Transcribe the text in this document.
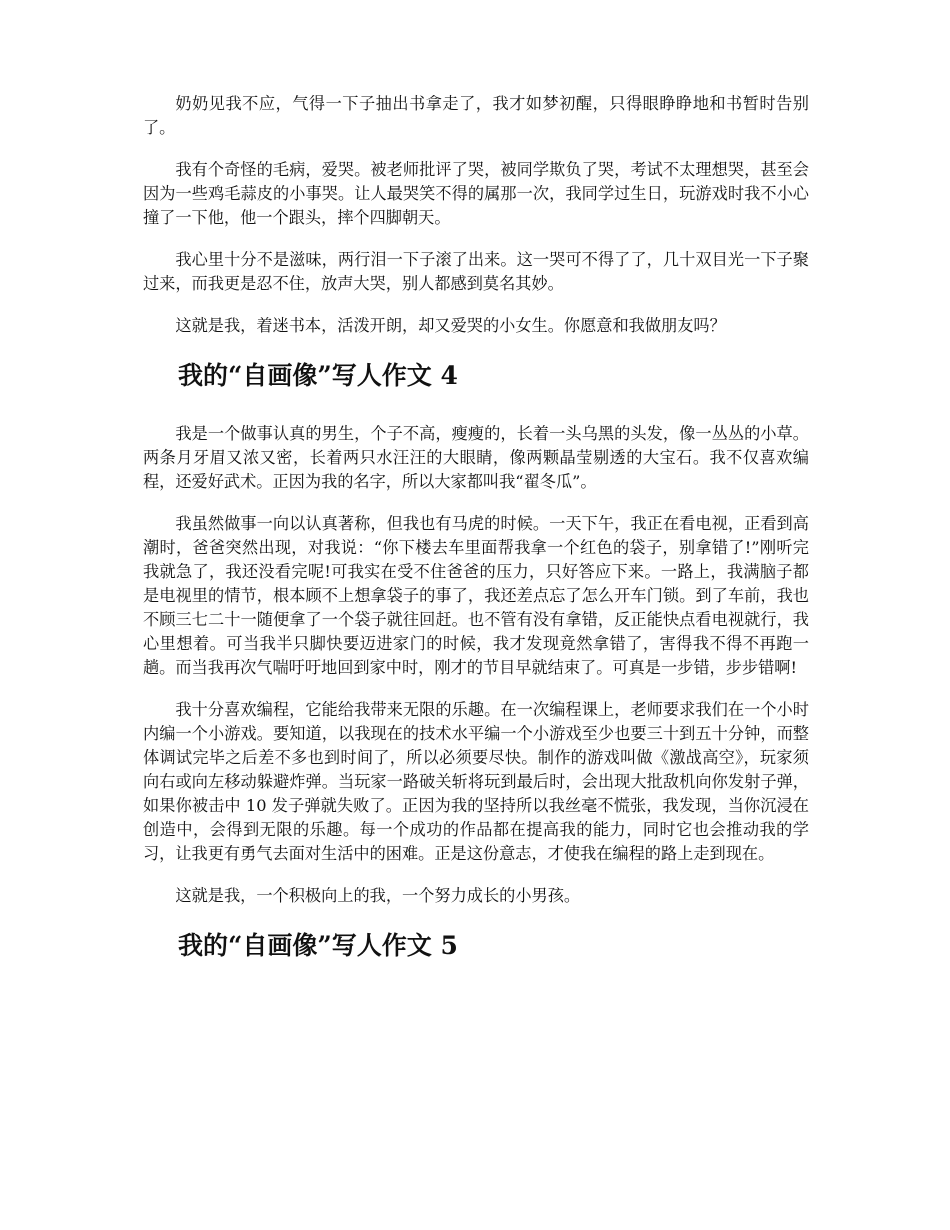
奶奶见我不应，气得一下子抽出书拿走了，我才如梦初醒，只得眼睁睁地和书暂时告别了。

我有个奇怪的毛病，爱哭。被老师批评了哭，被同学欺负了哭，考试不太理想哭，甚至会因为一些鸡毛蒜皮的小事哭。让人最哭笑不得的属那一次，我同学过生日，玩游戏时我不小心撞了一下他，他一个跟头，摔个四脚朝天。

我心里十分不是滋味，两行泪一下子滚了出来。这一哭可不得了了，几十双目光一下子聚过来，而我更是忍不住，放声大哭，别人都感到莫名其妙。

这就是我，着迷书本，活泼开朗，却又爱哭的小女生。你愿意和我做朋友吗？

我的“自画像”写人作文 4

我是一个做事认真的男生，个子不高，瘦瘦的，长着一头乌黑的头发，像一丛丛的小草。两条月牙眉又浓又密，长着两只水汪汪的大眼睛，像两颗晶莹剔透的大宝石。我不仅喜欢编程，还爱好武术。正因为我的名字，所以大家都叫我“翟冬瓜”。

我虽然做事一向以认真著称，但我也有马虎的时候。一天下午，我正在看电视，正看到高潮时，爸爸突然出现，对我说：“你下楼去车里面帮我拿一个红色的袋子，别拿错了!”刚听完我就急了，我还没看完呢!可我实在受不住爸爸的压力，只好答应下来。一路上，我满脑子都是电视里的情节，根本顾不上想拿袋子的事了，我还差点忘了怎么开车门锁。到了车前，我也不顾三七二十一随便拿了一个袋子就往回赶。也不管有没有拿错，反正能快点看电视就行，我心里想着。可当我半只脚快要迈进家门的时候，我才发现竟然拿错了，害得我不得不再跑一趟。而当我再次气喘吁吁地回到家中时，刚才的节目早就结束了。可真是一步错，步步错啊!

我十分喜欢编程，它能给我带来无限的乐趣。在一次编程课上，老师要求我们在一个小时内编一个小游戏。要知道，以我现在的技术水平编一个小游戏至少也要三十到五十分钟，而整体调试完毕之后差不多也到时间了，所以必须要尽快。制作的游戏叫做《激战高空》，玩家须向右或向左移动躲避炸弹。当玩家一路破关斩将玩到最后时，会出现大批敌机向你发射子弹，如果你被击中 10 发子弹就失败了。正因为我的坚持所以我丝毫不慌张，我发现，当你沉浸在创造中，会得到无限的乐趣。每一个成功的作品都在提高我的能力，同时它也会推动我的学习，让我更有勇气去面对生活中的困难。正是这份意志，才使我在编程的路上走到现在。

这就是我，一个积极向上的我，一个努力成长的小男孩。

我的“自画像”写人作文 5
